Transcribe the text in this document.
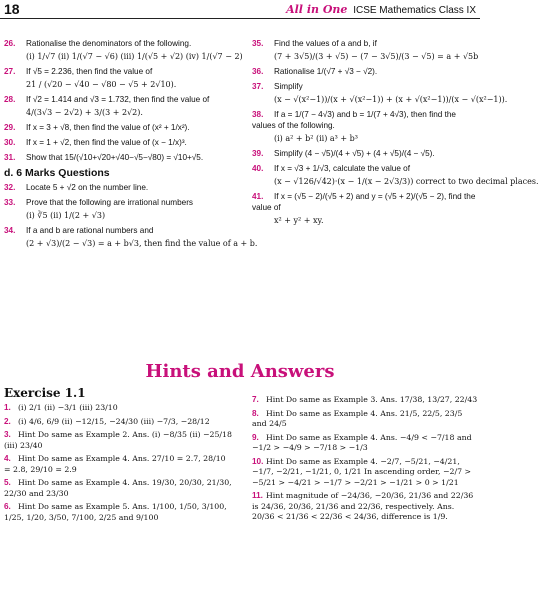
18	All in One ICSE Mathematics Class IX
26. Rationalise the denominators of the following.
(i) 1/√7 (ii) 1/(√7 − √6) (iii) 1/(√5 + √2) (iv) 1/(√7 − 2)
27. If √5 = 2.236, then find the value of
21 / (√20 − √40 − √80 − √5 + 2√10).
28. If √2 = 1.414 and √3 = 1.732, then find the value of
4/(3√3 − 2√2) + 3/(3 + 2√2).
29. If x = 3 + √8, then find the value of (x² + 1/x²).
30. If x = 1 + √2, then find the value of (x − 1/x)³.
31. Show that 15/(√10+√20+√40−√5−√80) = √10+√5.
d. 6 Marks Questions
32. Locate 5 + √2 on the number line.
33. Prove that the following are irrational numbers
(i) ∛5 (ii) 1/(2 + √3)
34. If a and b are rational numbers and
(2 + √3)/(2 − √3) = a + b√3, then find the value of a + b.
35. Find the values of a and b, if
(7 + 3√5)/(3 + √5) − (7 − 3√5)/(3 − √5) = a + √5b
36. Rationalise 1/(√7 + √3 − √2).
37. Simplify
(x − √(x²−1))/(x + √(x²−1)) + (x + √(x²−1))/(x − √(x²−1)).
38. If a = 1/(7 − 4√3) and b = 1/(7 + 4√3), then find the values of the following.
(i) a² + b² (ii) a³ + b³
39. Simplify (4 − √5)/(4 + √5) + (4 + √5)/(4 − √5).
40. If x = √3 + 1/√3, calculate the value of
(x − √126/√42)·(x − 1/(x − 2√3/3)) correct to two decimal places.
41. If x = (√5 − 2)/(√5 + 2) and y = (√5 + 2)/(√5 − 2), find the value of
x² + y² + xy.
Hints and Answers
Exercise 1.1
1. (i) 2/1 (ii) −3/1 (iii) 23/10
2. (i) 4/6, 6/9 (ii) −12/15, −24/30 (iii) −7/3, −28/12
3. Hint Do same as Example 2. Ans. (i) −8/35 (ii) −25/18 (iii) 23/40
4. Hint Do same as Example 4. Ans. 27/10 = 2.7, 28/10 = 2.8, 29/10 = 2.9
5. Hint Do same as Example 4. Ans. 19/30, 20/30, 21/30, 22/30 and 23/30
6. Hint Do same as Example 5. Ans. 1/100, 1/50, 3/100, 1/25, 1/20, 3/50, 7/100, 2/25 and 9/100
7. Hint Do same as Example 3. Ans. 17/38, 13/27, 22/43
8. Hint Do same as Example 4. Ans. 21/5, 22/5, 23/5 and 24/5
9. Hint Do same as Example 4. Ans. −4/9 < −7/18 and −1/2 > −4/9 > −7/18 > −1/3
10. Hint Do same as Example 4. −2/7, −5/21, −4/21, −1/7, −2/21, −1/21, 0, 1/21 In ascending order, −2/7 > −5/21 > −4/21 > −1/7 > −2/21 > −1/21 > 0 > 1/21
11. Hint magnitude of −24/36, −20/36, 21/36 and 22/36 is 24/36, 20/36, 21/36 and 22/36, respectively. Ans. 20/36 < 21/36 < 22/36 < 24/36, difference is 1/9.
